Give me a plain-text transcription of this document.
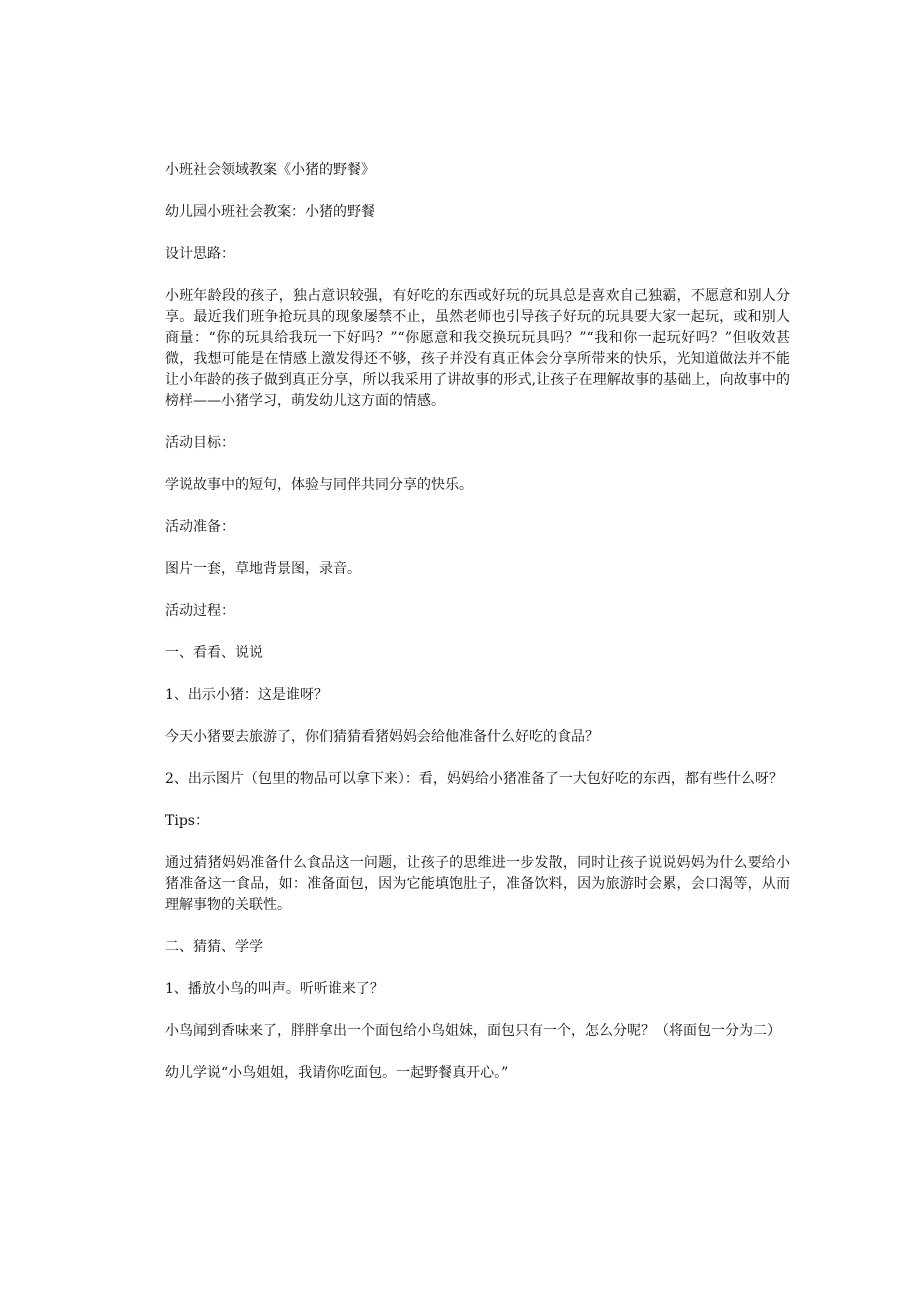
小班社会领域教案《小猪的野餐》

幼儿园小班社会教案：小猪的野餐

设计思路：

小班年龄段的孩子，独占意识较强，有好吃的东西或好玩的玩具总是喜欢自己独霸，不愿意和别人分享。最近我们班争抢玩具的现象屡禁不止，虽然老师也引导孩子好玩的玩具要大家一起玩，或和别人商量：“你的玩具给我玩一下好吗？”“你愿意和我交换玩玩具吗？”“我和你一起玩好吗？”但收效甚微，我想可能是在情感上激发得还不够，孩子并没有真正体会分享所带来的快乐，光知道做法并不能让小年龄的孩子做到真正分享，所以我采用了讲故事的形式,让孩子在理解故事的基础上，向故事中的榜样——小猪学习，萌发幼儿这方面的情感。

活动目标：

学说故事中的短句，体验与同伴共同分享的快乐。

活动准备：

图片一套，草地背景图，录音。

活动过程：

一、看看、说说

1、出示小猪：这是谁呀？

今天小猪要去旅游了，你们猜猜看猪妈妈会给他准备什么好吃的食品？

2、出示图片（包里的物品可以拿下来）：看，妈妈给小猪准备了一大包好吃的东西，都有些什么呀？

Tips：

通过猜猪妈妈准备什么食品这一问题，让孩子的思维进一步发散，同时让孩子说说妈妈为什么要给小猪准备这一食品，如：准备面包，因为它能填饱肚子，准备饮料，因为旅游时会累，会口渴等，从而理解事物的关联性。

二、猜猜、学学

1、播放小鸟的叫声。听听谁来了？

小鸟闻到香味来了，胖胖拿出一个面包给小鸟姐妹，面包只有一个，怎么分呢？（将面包一分为二）

幼儿学说“小鸟姐姐，我请你吃面包。一起野餐真开心。”
